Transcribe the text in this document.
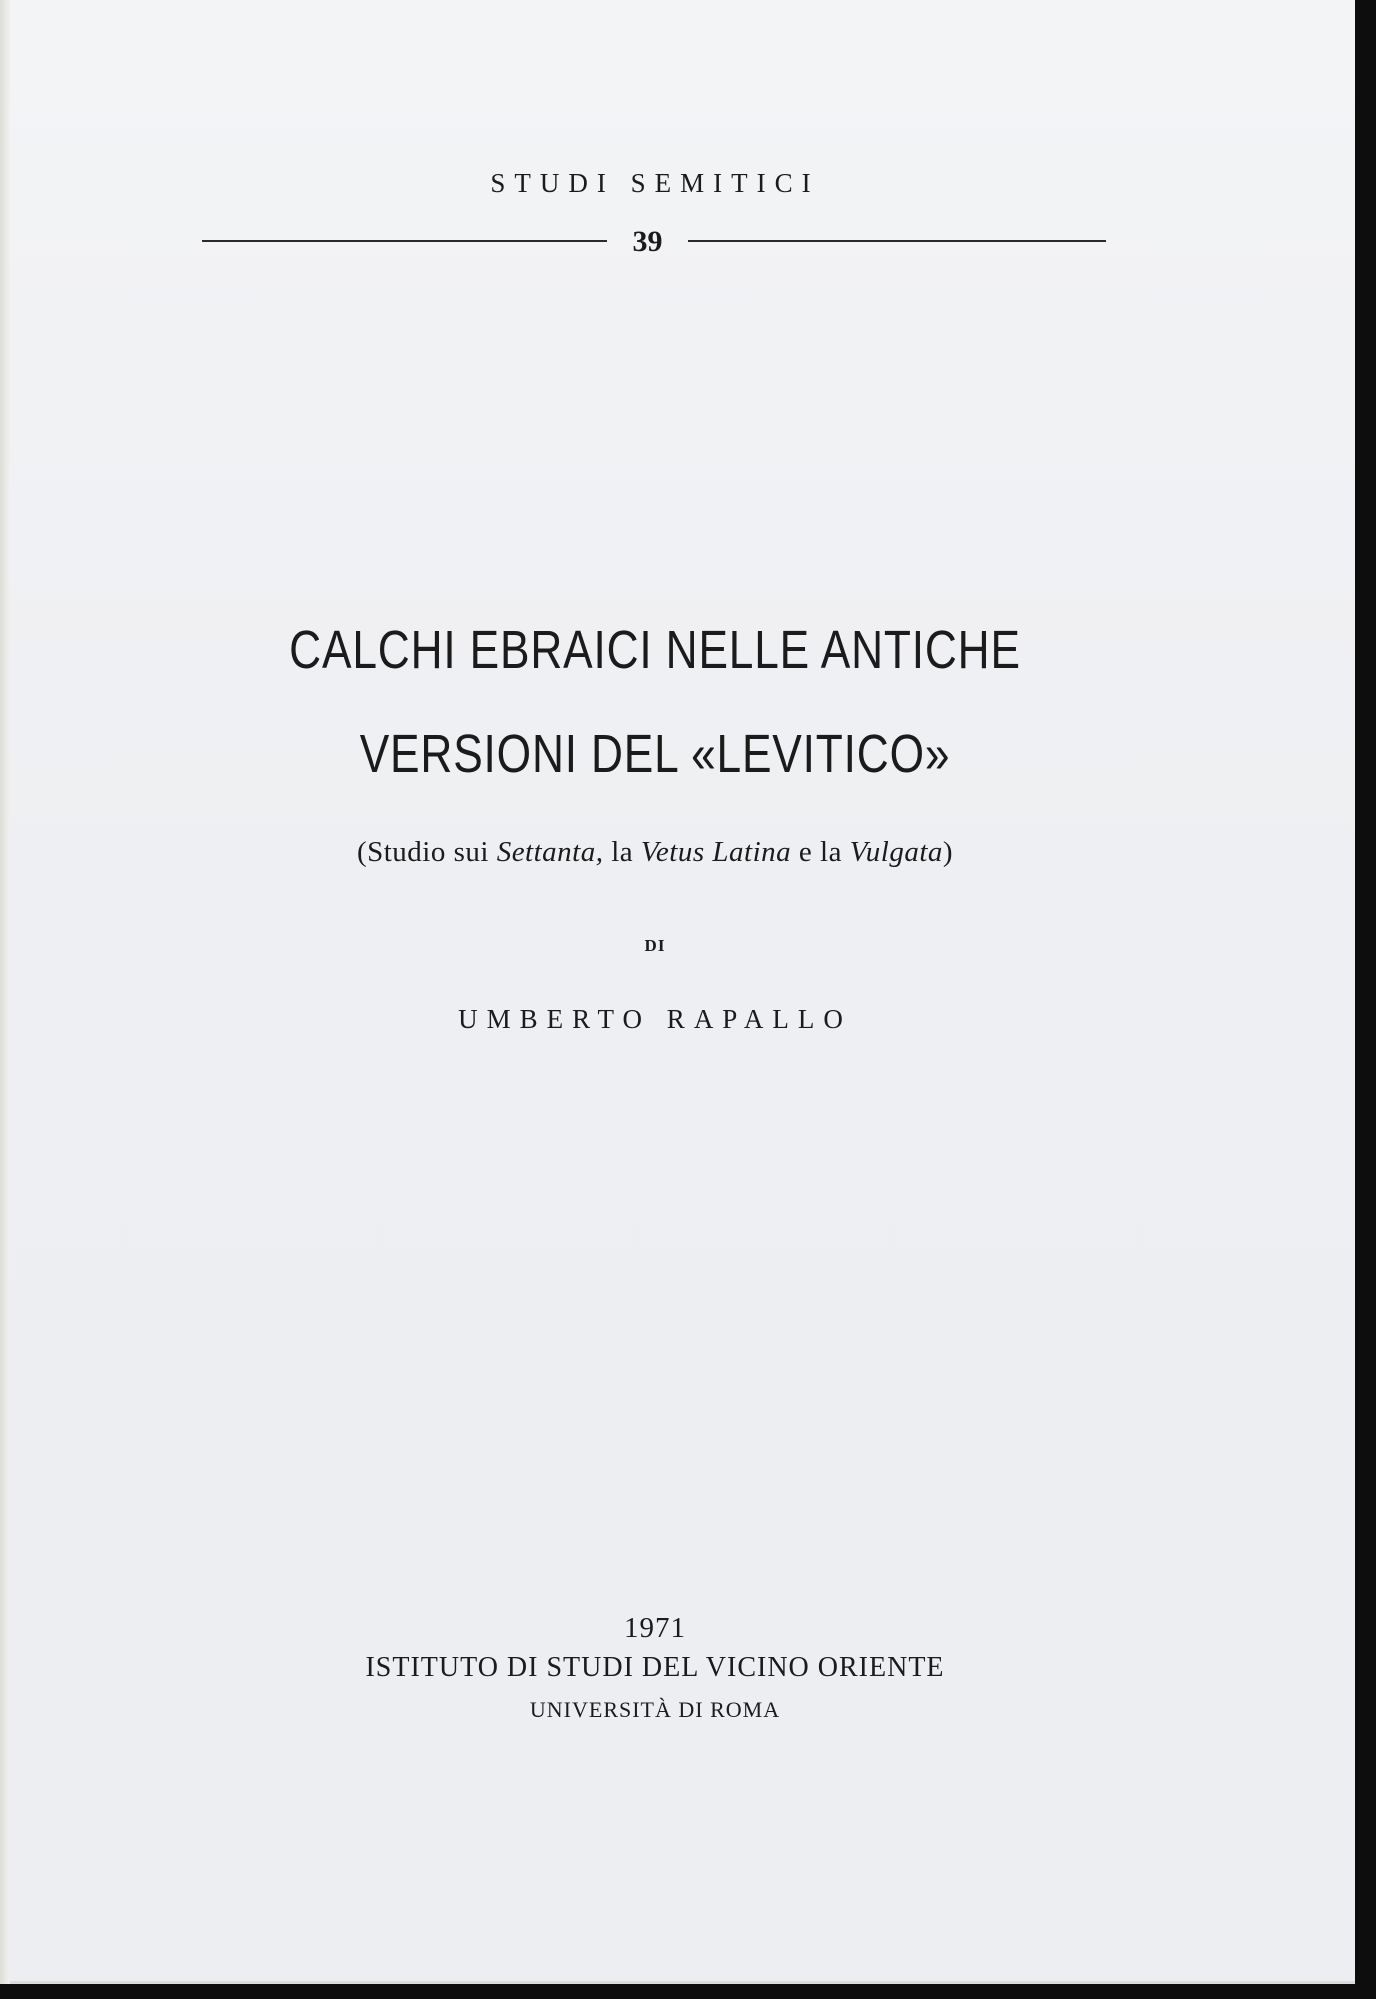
STUDI SEMITICI
39
CALCHI EBRAICI NELLE ANTICHE
VERSIONI DEL «LEVITICO»
(Studio sui Settanta, la Vetus Latina e la Vulgata)
DI
UMBERTO RAPALLO
1971
ISTITUTO DI STUDI DEL VICINO ORIENTE
UNIVERSITÀ DI ROMA
